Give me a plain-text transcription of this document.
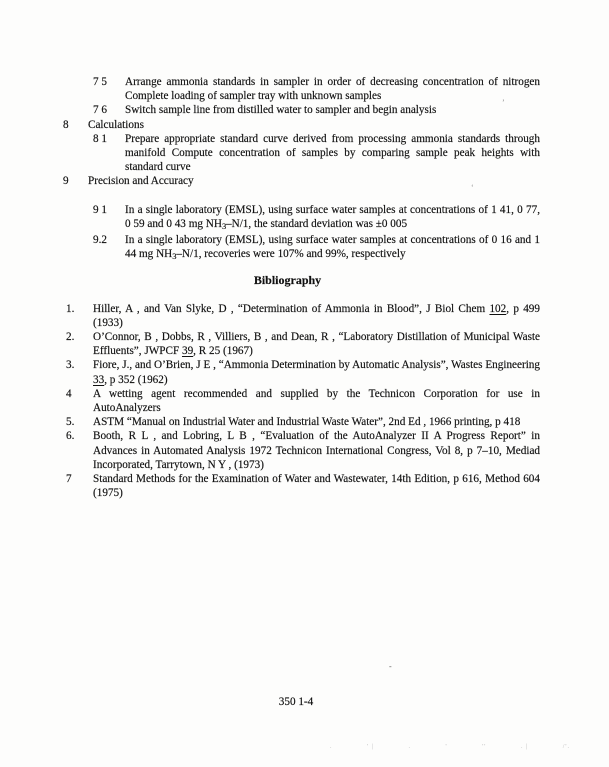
7 5	Arrange ammonia standards in sampler in order of decreasing concentration of nitrogen Complete loading of sampler tray with unknown samples
7 6	Switch sample line from distilled water to sampler and begin analysis
8	Calculations
8 1	Prepare appropriate standard curve derived from processing ammonia standards through manifold Compute concentration of samples by comparing sample peak heights with standard curve
9	Precision and Accuracy
9 1	In a single laboratory (EMSL), using surface water samples at concentrations of 1 41, 0 77, 0 59 and 0 43 mg $NH_3-N/1$, the standard deviation was ±0 005
9.2	In a single laboratory (EMSL), using surface water samples at concentrations of 0 16 and 1 44 mg $NH_3-N/1$, recoveries were 107% and 99%, respectively
Bibliography
1.	Hiller, A , and Van Slyke, D , “Determination of Ammonia in Blood”, J Biol Chem 102, p 499 (1933)
2.	O’Connor, B , Dobbs, R , Villiers, B , and Dean, R , “Laboratory Distillation of Municipal Waste Effluents”, JWPCF 39, R 25 (1967)
3.	Fiore, J., and O’Brien, J E , “Ammonia Determination by Automatic Analysis”, Wastes Engineering 33, p 352 (1962)
4	A wetting agent recommended and supplied by the Technicon Corporation for use in AutoAnalyzers
5.	ASTM “Manual on Industrial Water and Industrial Waste Water”, 2nd Ed , 1966 printing, p 418
6.	Booth, R L , and Lobring, L B , “Evaluation of the AutoAnalyzer II A Progress Report” in Advances in Automated Analysis 1972 Technicon International Congress, Vol 8, p 7–10, Mediad Incorporated, Tarrytown, N Y , (1973)
7	Standard Methods for the Examination of Water and Wastewater, 14th Edition, p 616, Method 604 (1975)
350 1-4
’
ʻ
-
.	' |	.	'	''	. |	/'.
